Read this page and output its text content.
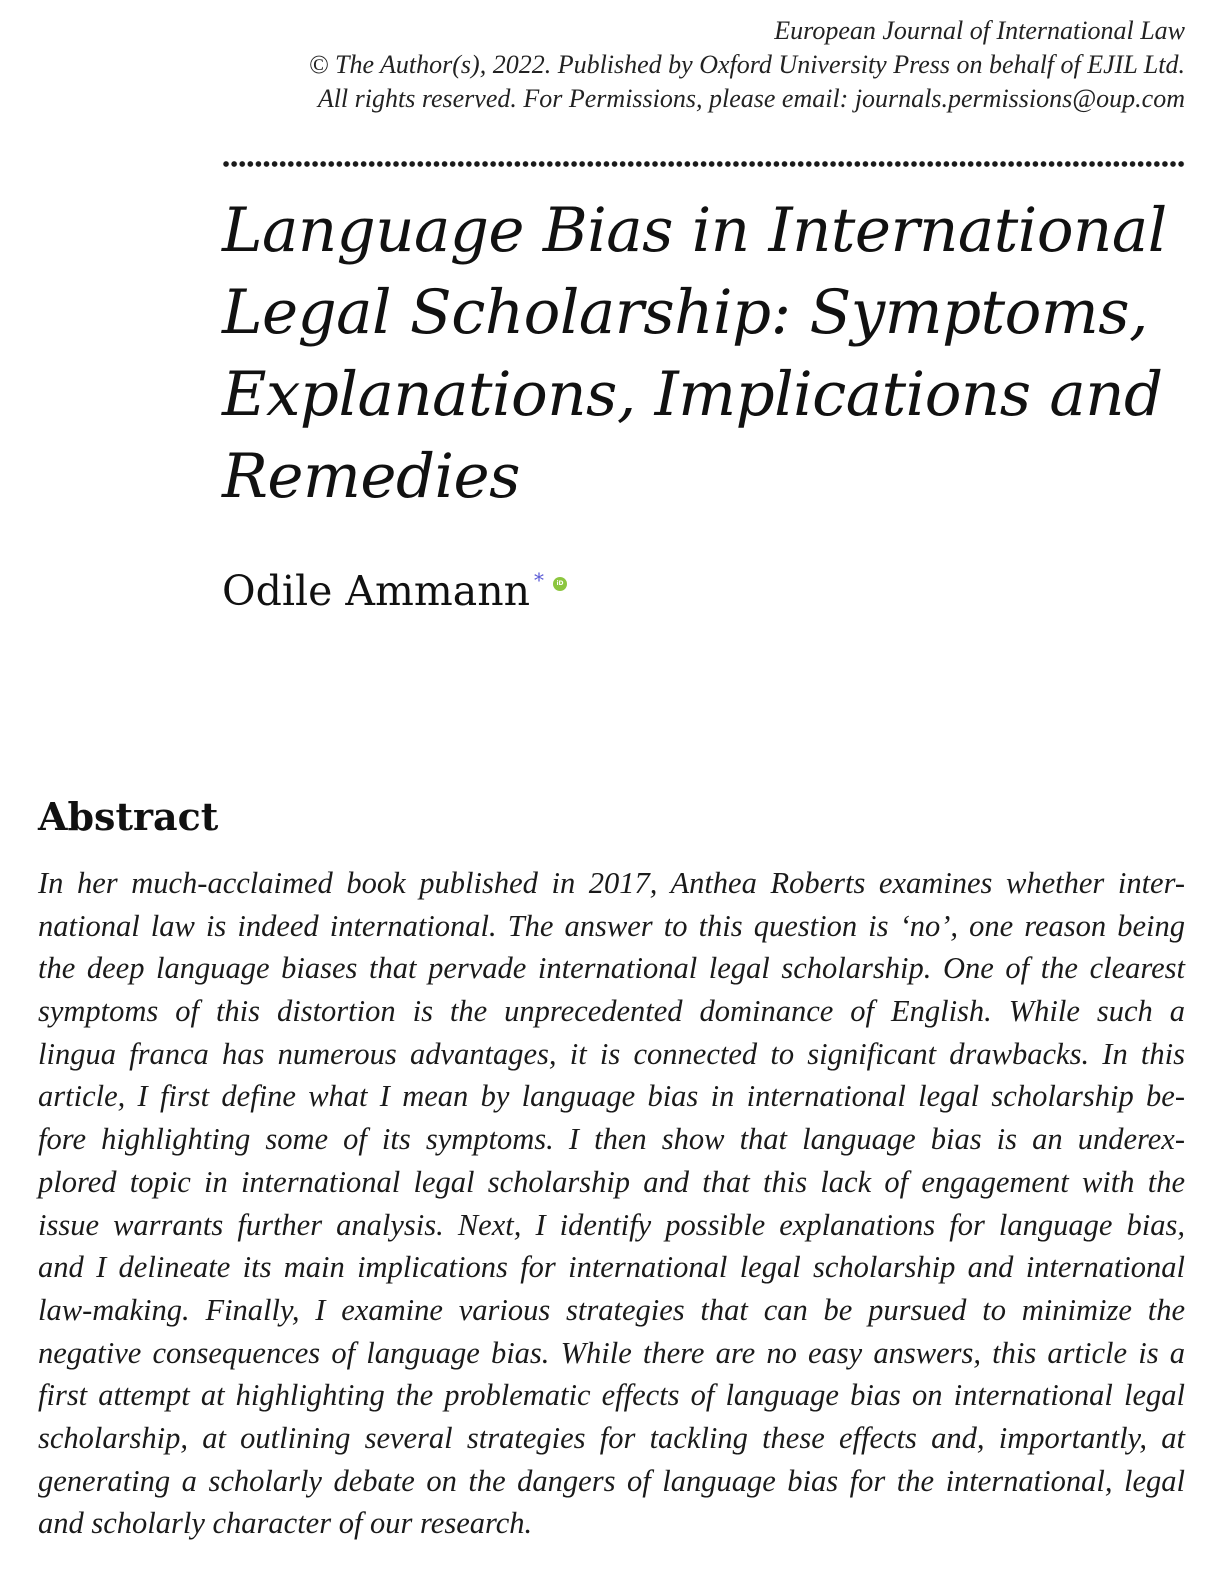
European Journal of International Law
© The Author(s), 2022. Published by Oxford University Press on behalf of EJIL Ltd.
All rights reserved. For Permissions, please email: journals.permissions@oup.com
Language Bias in International
Legal Scholarship: Symptoms,
Explanations, Implications and
Remedies
Odile Ammann * iD
Abstract
In her much-acclaimed book published in 2017, Anthea Roberts examines whether inter-
national law is indeed international. The answer to this question is ‘no’, one reason being
the deep language biases that pervade international legal scholarship. One of the clearest
symptoms of this distortion is the unprecedented dominance of English. While such a
lingua franca has numerous advantages, it is connected to significant drawbacks. In this
article, I first define what I mean by language bias in international legal scholarship be-
fore highlighting some of its symptoms. I then show that language bias is an underex-
plored topic in international legal scholarship and that this lack of engagement with the
issue warrants further analysis. Next, I identify possible explanations for language bias,
and I delineate its main implications for international legal scholarship and international
law-making. Finally, I examine various strategies that can be pursued to minimize the
negative consequences of language bias. While there are no easy answers, this article is a
first attempt at highlighting the problematic effects of language bias on international legal
scholarship, at outlining several strategies for tackling these effects and, importantly, at
generating a scholarly debate on the dangers of language bias for the international, legal
and scholarly character of our research.
